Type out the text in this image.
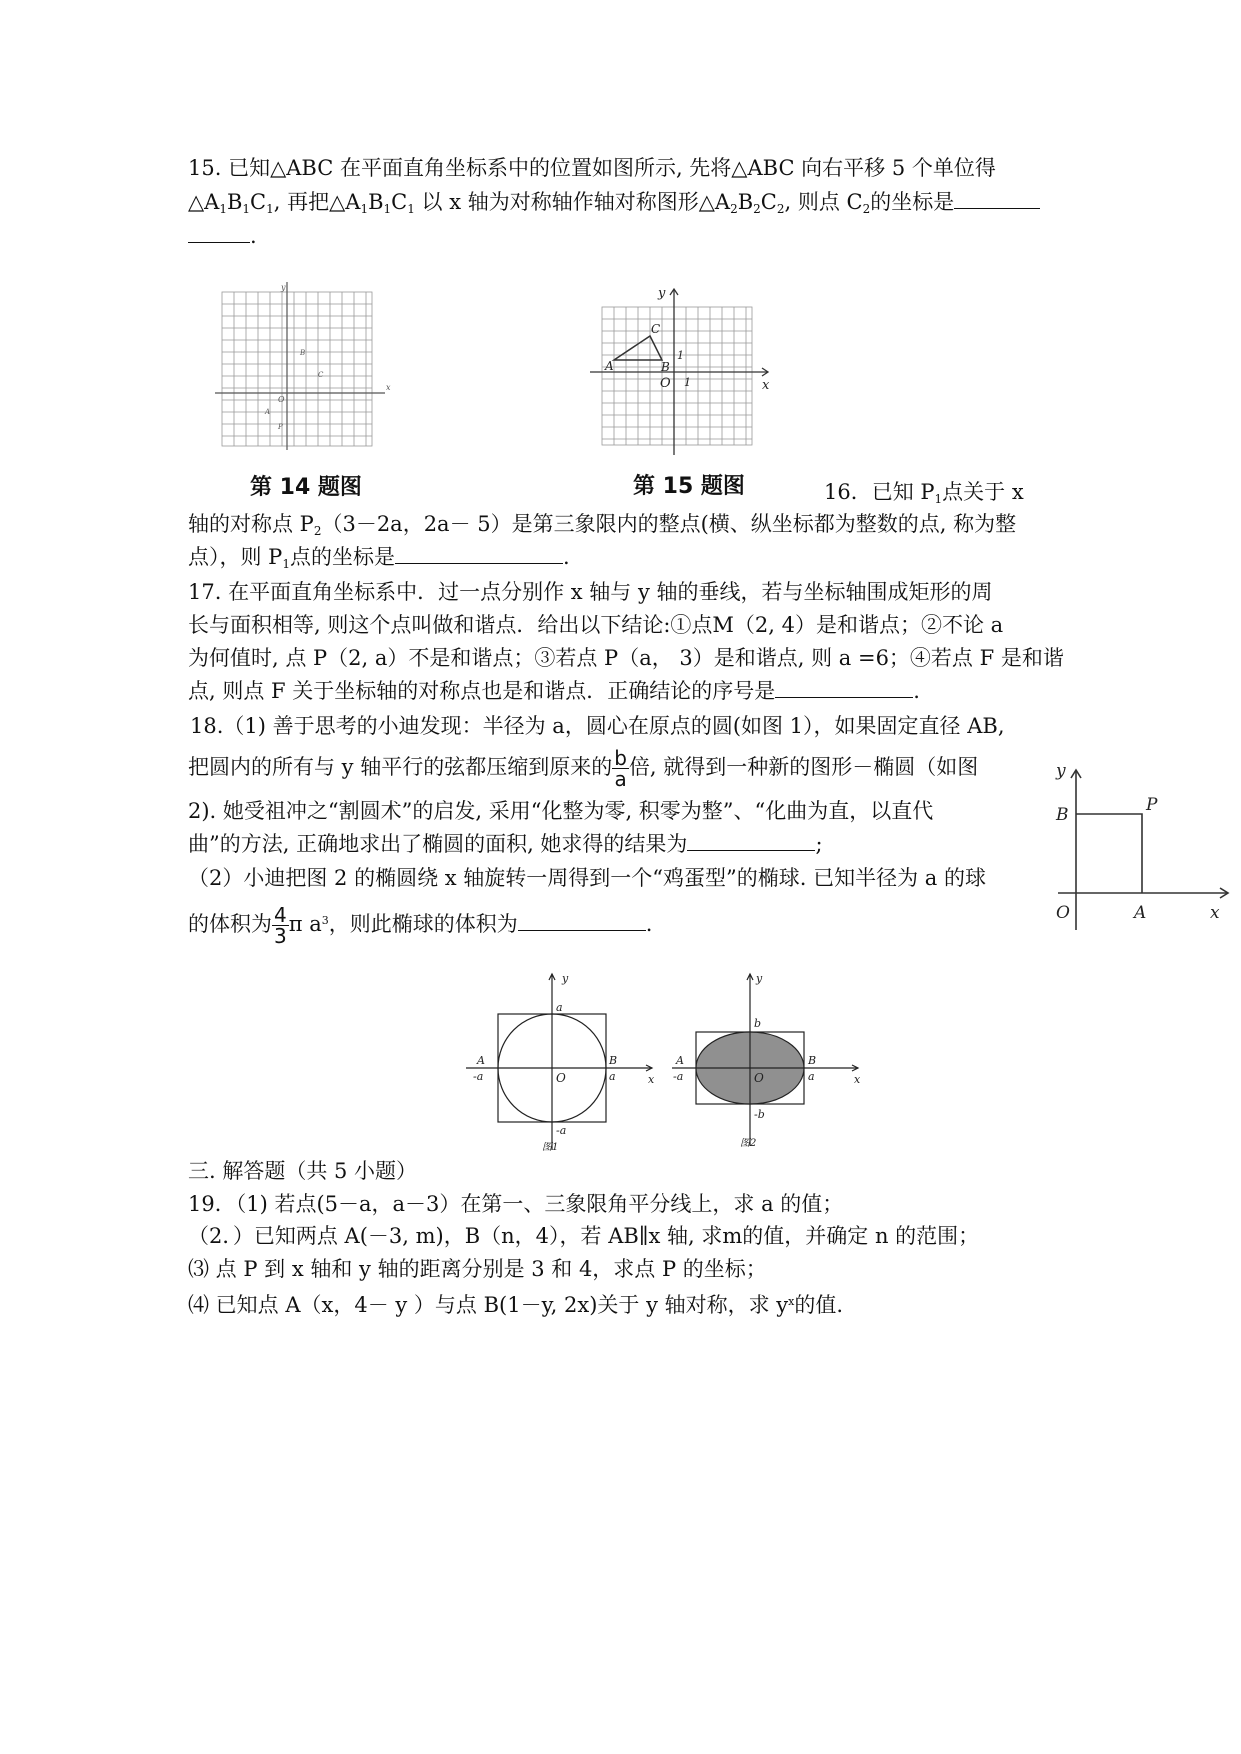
15. 已知△ABC 在平面直角坐标系中的位置如图所示, 先将△ABC 向右平移 5 个单位得
$\triangle A_1B_1C_1$, 再把$\triangle A_1B_1C_1$ 以 x 轴为对称轴作轴对称图形$\triangle A_2B_2C_2$, 则点 $C_2$的坐标是
.
y
x
O
B
C
A
P
第 14 题图
y
x
O
C
A	B
1
1
第 15 题图	16．已知 $P_1$点关于 x
轴的对称点 $P_2(3-2a$，2a－ 5）是第三象限内的整点(横、纵坐标都为整数的点, 称为整
点），则 $P_1$点的坐标是	.
17. 在平面直角坐标系中．过一点分别作 x 轴与 y 轴的垂线，若与坐标轴围成矩形的周
长与面积相等, 则这个点叫做和谐点．给出以下结论:①点M（2, 4）是和谐点；②不论 a
为何值时, 点 P（2, a）不是和谐点；③若点 P（a， 3）是和谐点, 则 a =6；④若点 F 是和谐
点, 则点 F 关于坐标轴的对称点也是和谐点．正确结论的序号是	.
18.（1) 善于思考的小迪发现：半径为 a，圆心在原点的圆(如图 1），如果固定直径 AB,
把圆内的所有与 y 轴平行的弦都压缩到原来的 $\frac{b}{a}$ 倍, 就得到一种新的图形－椭圆（如图
2). 她受祖冲之“割圆术”的启发, 采用“化整为零, 积零为整”、“化曲为直，以直代
曲”的方法, 正确地求出了椭圆的面积, 她求得的结果为	;
（2）小迪把图 2 的椭圆绕 x 轴旋转一周得到一个“鸡蛋型”的椭球. 已知半径为 a 的球
的体积为 $\frac{4}{3}$ π $a^3$，则此椭球的体积为	.
y
B	P
O	A	x
y
x
a
-a
A
-a
B
a
O
图1
y
x
b
-b
A
-a
B
a
O
图2
三. 解答题（共 5 小题）
19．（1) 若点(5－a，a－3）在第一、三象限角平分线上，求 a 的值；
（2．）已知两点 A(－3, m)，B（n，4），若 AB∥x 轴, 求m的值，并确定 n 的范围；
⑶ 点 P 到 x 轴和 y 轴的距离分别是 3 和 4，求点 P 的坐标；
⑷ 已知点 A（x，4－ y ）与点 B(1－y, 2x)关于 y 轴对称，求 $y^x$的值.
